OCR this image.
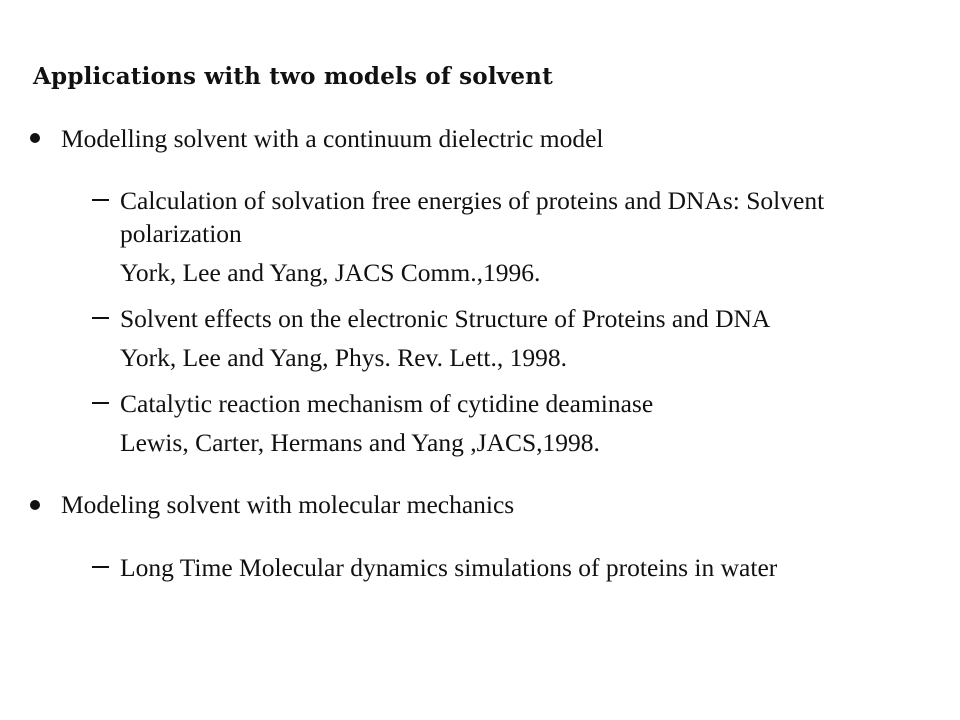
Applications with two models of solvent
Modelling solvent with a continuum dielectric model
Calculation of solvation free energies of proteins and DNAs: Solvent
polarization
York, Lee and Yang, JACS Comm.,1996.
Solvent effects on the electronic Structure of Proteins and DNA
York, Lee and Yang, Phys. Rev. Lett., 1998.
Catalytic reaction mechanism of cytidine deaminase
Lewis, Carter, Hermans and Yang ,JACS,1998.
Modeling solvent with molecular mechanics
Long Time Molecular dynamics simulations of proteins in water
